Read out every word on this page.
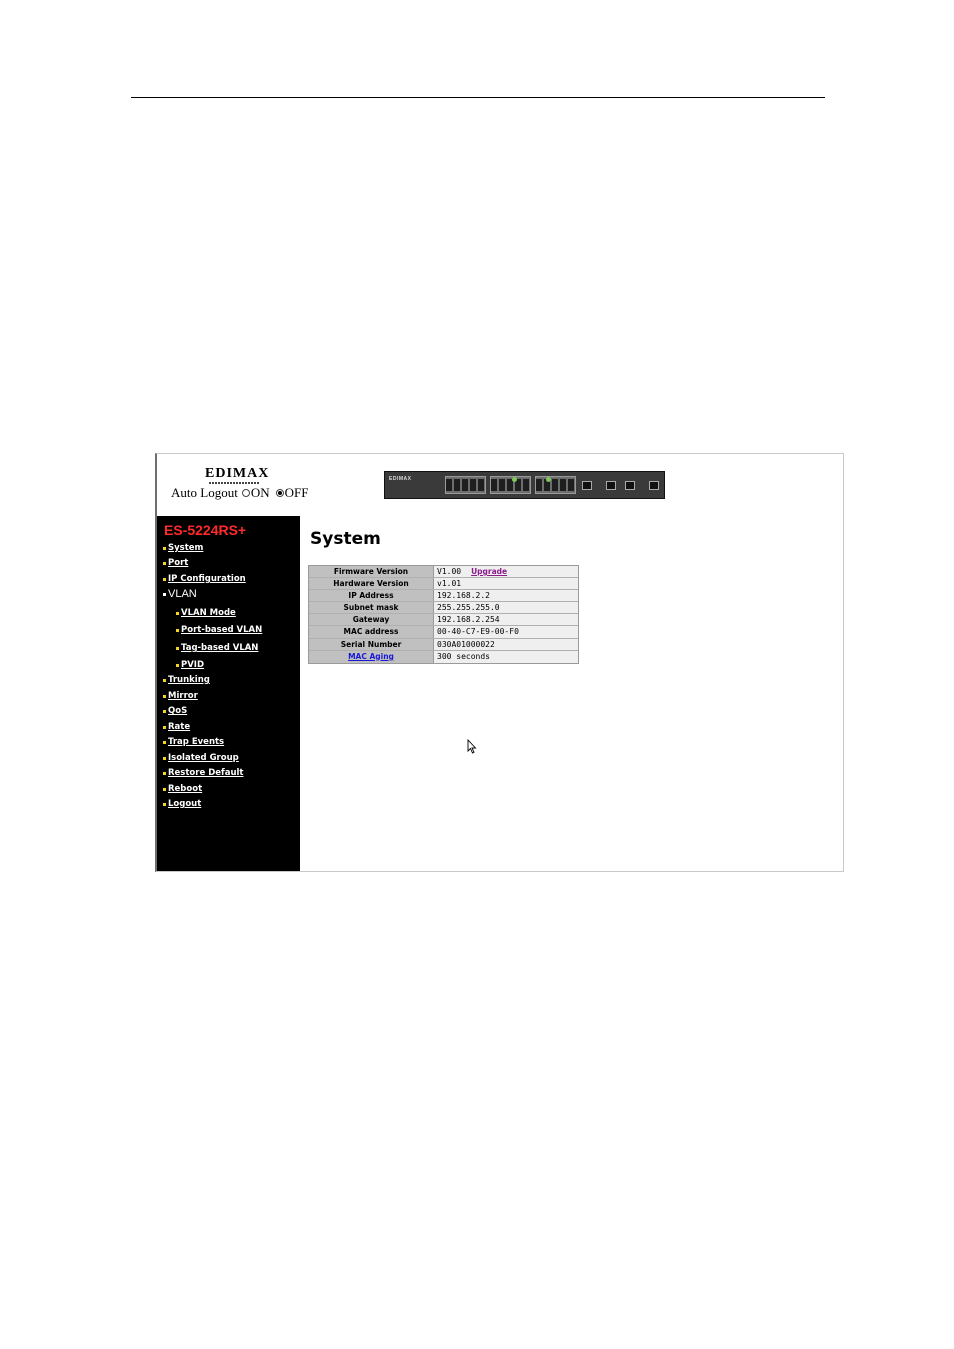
EDIMAX
Auto Logout ON OFF
EDIMAX
ES-5224RS+
System
Port
IP Configuration
VLAN
VLAN Mode
Port-based VLAN
Tag-based VLAN
PVID
Trunking
Mirror
QoS
Rate
Trap Events
Isolated Group
Restore Default
Reboot
Logout
System
Firmware Version	V1.00 Upgrade
Hardware Version	v1.01
IP Address	192.168.2.2
Subnet mask	255.255.255.0
Gateway	192.168.2.254
MAC address	00-40-C7-E9-00-F0
Serial Number	030A01000022
MAC Aging	300 seconds
